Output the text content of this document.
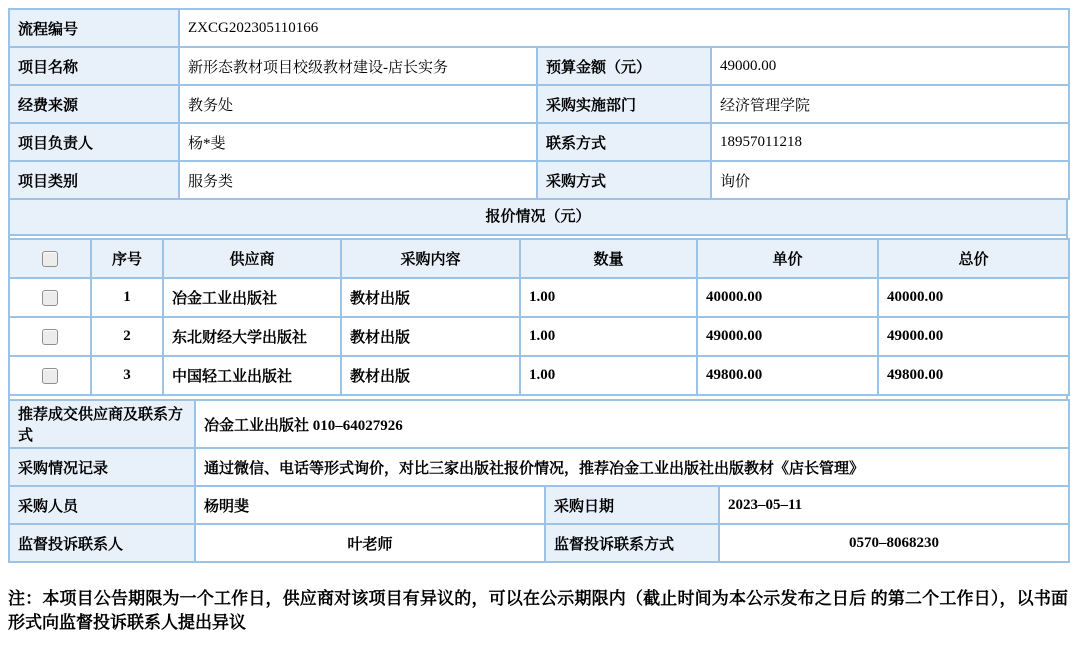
流程编号	ZXCG202305110166		
项目名称	新形态教材项目校级教材建设-店长实务	预算金额（元）	49000.00
经费来源	教务处	采购实施部门	经济管理学院
项目负责人	杨*斐	联系方式	18957011218
项目类别	服务类	采购方式	询价
报价情况（元）
	序号	供应商	采购内容	数量	单价	总价
	1	冶金工业出版社	教材出版	1.00	40000.00	40000.00
	2	东北财经大学出版社	教材出版	1.00	49000.00	49000.00
	3	中国轻工业出版社	教材出版	1.00	49800.00	49800.00
推荐成交供应商及联系方式	冶金工业出版社 010–64027926		
采购情况记录	通过微信、电话等形式询价，对比三家出版社报价情况，推荐冶金工业出版社出版教材《店长管理》		
采购人员	杨明斐	采购日期	2023–05–11
监督投诉联系人	叶老师	监督投诉联系方式	0570–8068230
注：本项目公告期限为一个工作日，供应商对该项目有异议的，可以在公示期限内（截止时间为本公示发布之日后 的第二个工作日），以书面形式向监督投诉联系人提出异议
